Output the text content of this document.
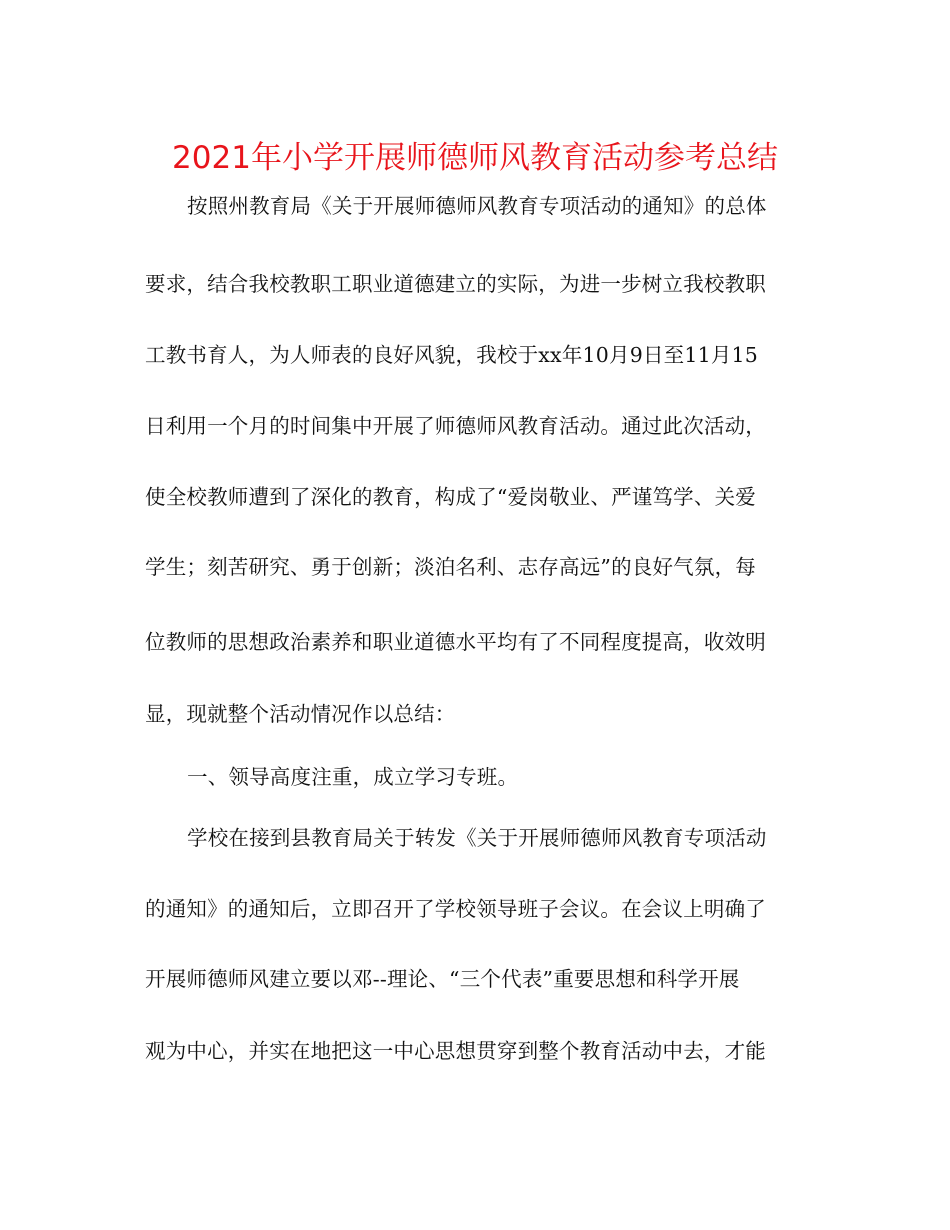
2021年小学开展师德师风教育活动参考总结
按照州教育局《关于开展师德师风教育专项活动的通知》的总体
要求，结合我校教职工职业道德建立的实际，为进一步树立我校教职
工教书育人，为人师表的良好风貌，我校于xx年10月9日至11月15
日利用一个月的时间集中开展了师德师风教育活动。通过此次活动，
使全校教师遭到了深化的教育，构成了“爱岗敬业、严谨笃学、关爱
学生；刻苦研究、勇于创新；淡泊名利、志存高远”的良好气氛，每
位教师的思想政治素养和职业道德水平均有了不同程度提高，收效明
显，现就整个活动情况作以总结：
一、领导高度注重，成立学习专班。
学校在接到县教育局关于转发《关于开展师德师风教育专项活动
的通知》的通知后，立即召开了学校领导班子会议。在会议上明确了
开展师德师风建立要以邓--理论、“三个代表”重要思想和科学开展
观为中心，并实在地把这一中心思想贯穿到整个教育活动中去，才能
